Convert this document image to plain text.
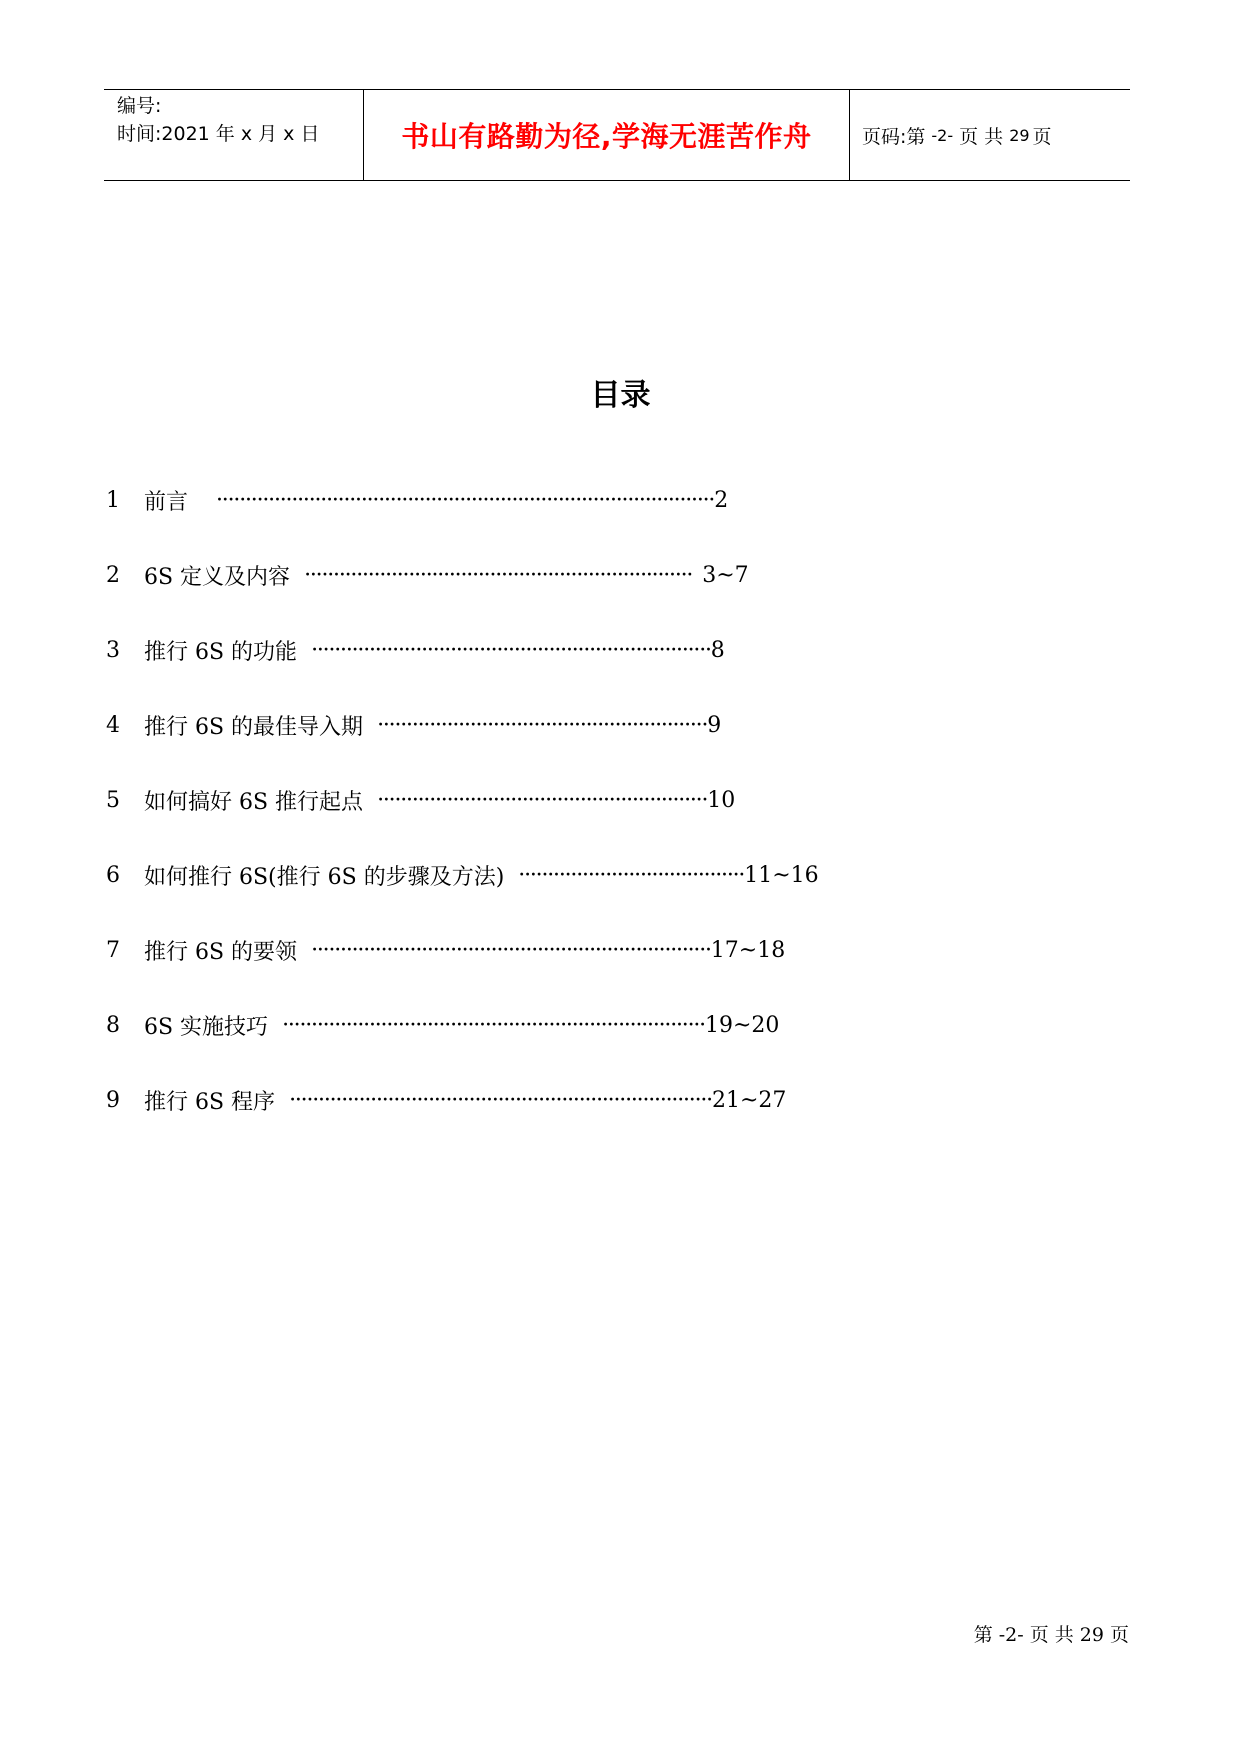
编号:
时间:2021 年 x 月 x 日	书山有路勤为径,学海无涯苦作舟	页码:第 -2- 页 共 29 页
目录
1	前言 ······················································································ 2
2	6S 定义及内容 ··································································· 3~7
3	推行 6S 的功能 ····································································· 8
4	推行 6S 的最佳导入期 ························································· 9
5	如何搞好 6S 推行起点 ························································· 10
6	如何推行 6S(推行 6S 的步骤及方法) ······································· 11~16
7	推行 6S 的要领 ····································································· 17~18
8	6S 实施技巧 ········································································· 19~20
9	推行 6S 程序 ········································································· 21~27
第 -2- 页 共 29 页
